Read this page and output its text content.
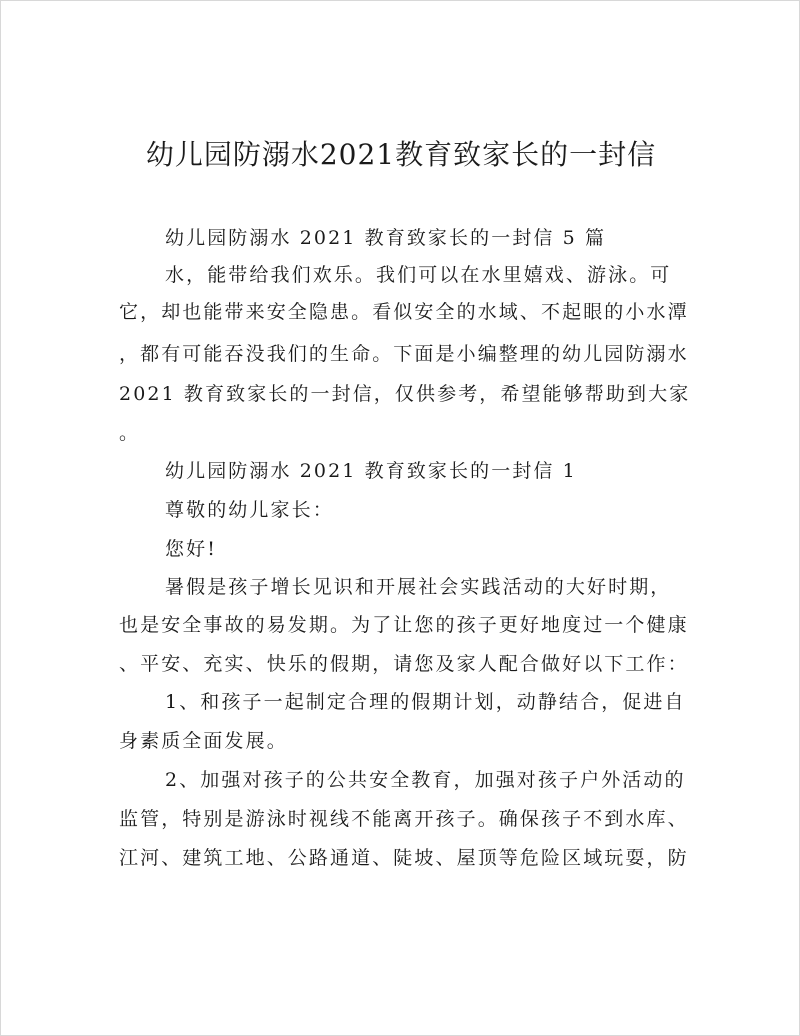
幼儿园防溺水2021教育致家长的一封信

幼儿园防溺水 2021 教育致家长的一封信 5 篇

水，能带给我们欢乐。我们可以在水里嬉戏、游泳。可

它，却也能带来安全隐患。看似安全的水域、不起眼的小水潭

，都有可能吞没我们的生命。下面是小编整理的幼儿园防溺水

2021 教育致家长的一封信，仅供参考，希望能够帮助到大家

。

幼儿园防溺水 2021 教育致家长的一封信 1

尊敬的幼儿家长：

您好!

暑假是孩子增长见识和开展社会实践活动的大好时期，

也是安全事故的易发期。为了让您的孩子更好地度过一个健康

、平安、充实、快乐的假期，请您及家人配合做好以下工作：

1、和孩子一起制定合理的假期计划，动静结合，促进自

身素质全面发展。

2、加强对孩子的公共安全教育，加强对孩子户外活动的

监管，特别是游泳时视线不能离开孩子。确保孩子不到水库、

江河、建筑工地、公路通道、陡坡、屋顶等危险区域玩耍，防
